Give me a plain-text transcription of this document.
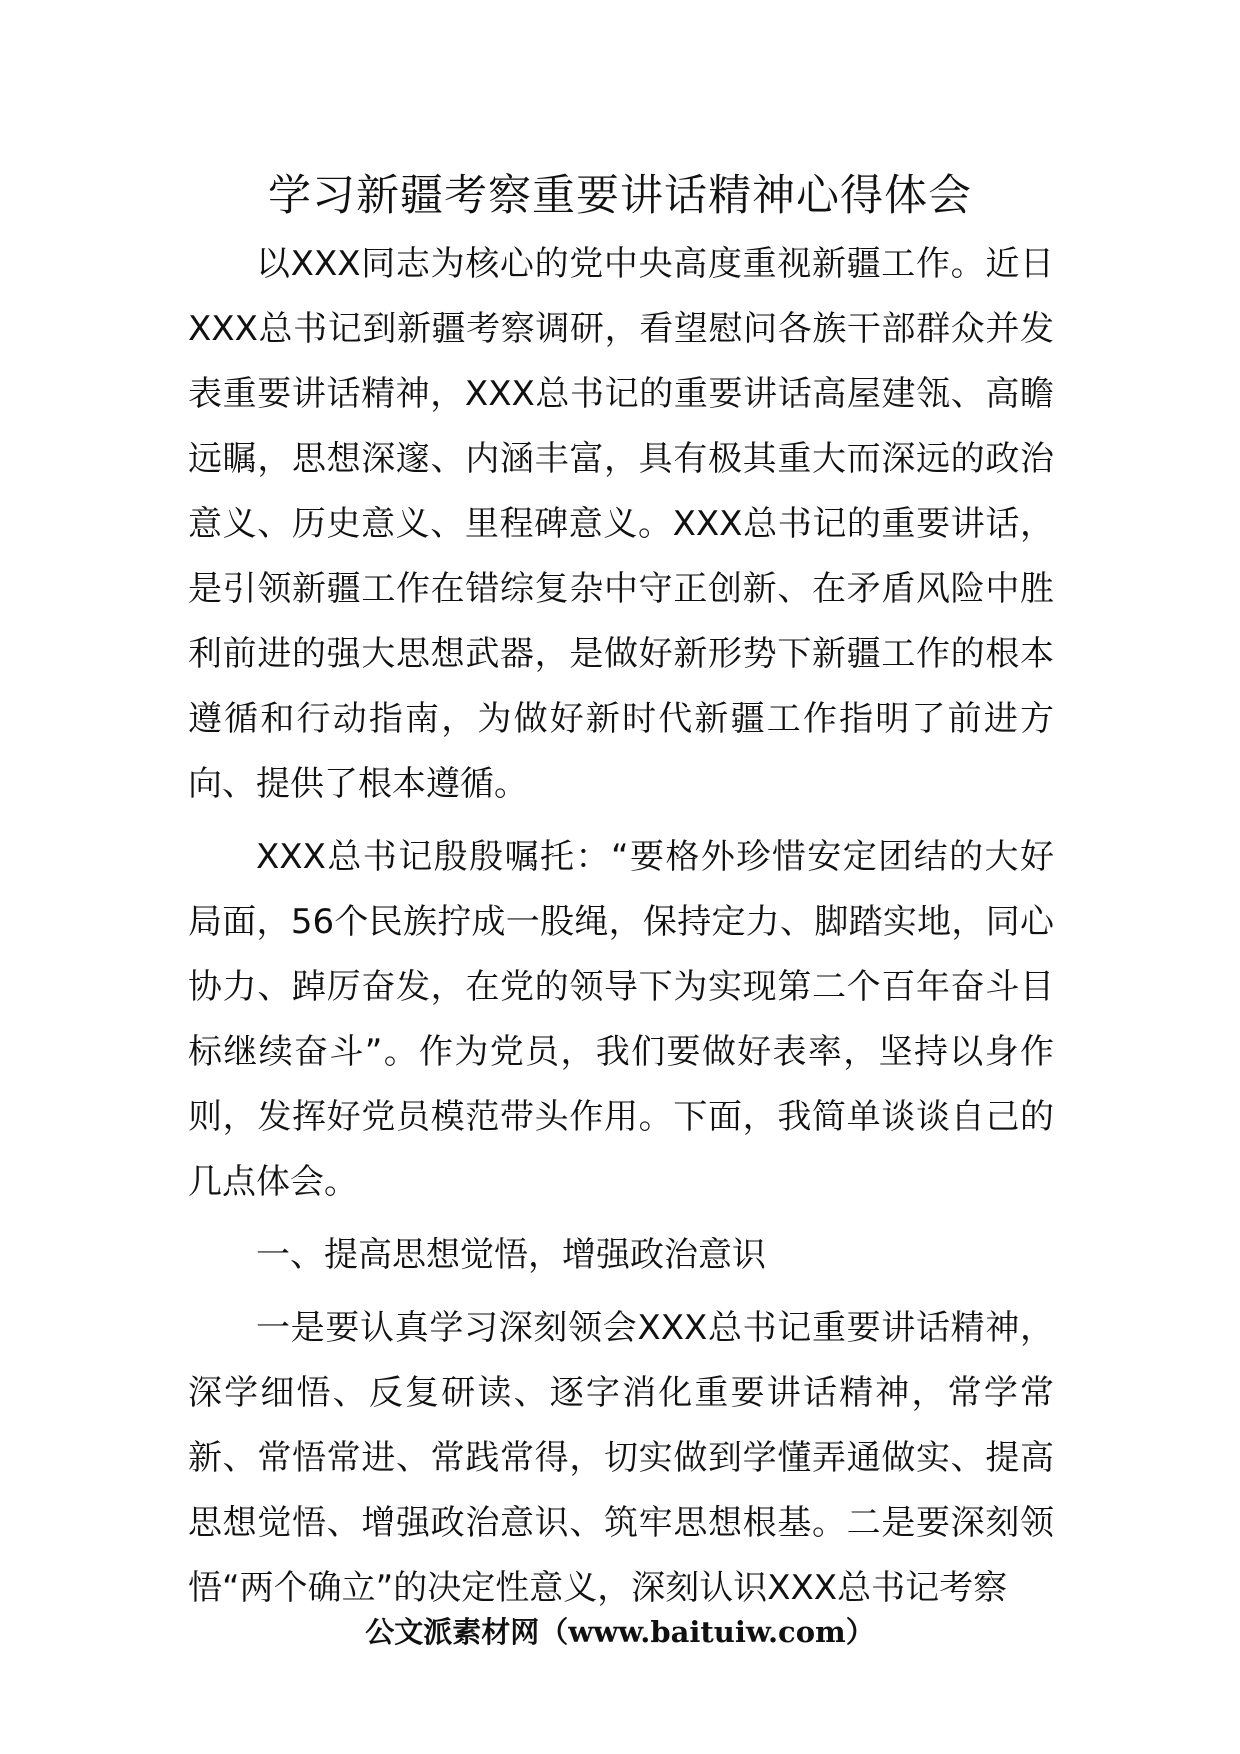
学习新疆考察重要讲话精神心得体会

以XXX同志为核心的党中央高度重视新疆工作。近日XXX总书记到新疆考察调研，看望慰问各族干部群众并发表重要讲话精神，XXX总书记的重要讲话高屋建瓴、高瞻远瞩，思想深邃、内涵丰富，具有极其重大而深远的政治意义、历史意义、里程碑意义。XXX总书记的重要讲话，是引领新疆工作在错综复杂中守正创新、在矛盾风险中胜利前进的强大思想武器，是做好新形势下新疆工作的根本遵循和行动指南，为做好新时代新疆工作指明了前进方向、提供了根本遵循。

XXX总书记殷殷嘱托：“要格外珍惜安定团结的大好局面，56个民族拧成一股绳，保持定力、脚踏实地，同心协力、踔厉奋发，在党的领导下为实现第二个百年奋斗目标继续奋斗”。作为党员，我们要做好表率，坚持以身作则，发挥好党员模范带头作用。下面，我简单谈谈自己的几点体会。

一、提高思想觉悟，增强政治意识

一是要认真学习深刻领会XXX总书记重要讲话精神，深学细悟、反复研读、逐字消化重要讲话精神，常学常新、常悟常进、常践常得，切实做到学懂弄通做实、提高思想觉悟、增强政治意识、筑牢思想根基。二是要深刻领悟“两个确立”的决定性意义，深刻认识XXX总书记考察

公文派素材网（www.baituiw.com）
